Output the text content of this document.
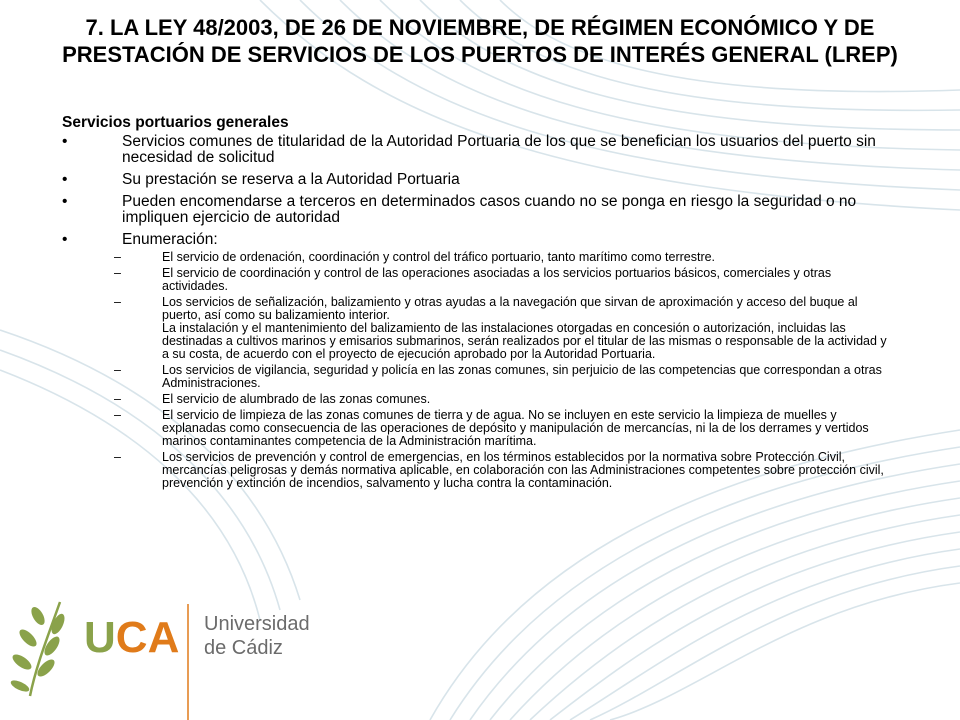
7. LA LEY 48/2003, DE 26 DE NOVIEMBRE, DE RÉGIMEN ECONÓMICO Y DE
PRESTACIÓN DE SERVICIOS DE LOS PUERTOS DE INTERÉS GENERAL (LREP)

Servicios portuarios generales

•	Servicios comunes de titularidad de la Autoridad Portuaria de los que se benefician los usuarios del puerto sin necesidad de solicitud
•	Su prestación se reserva a la Autoridad Portuaria
•	Pueden encomendarse a terceros en determinados casos cuando no se ponga en riesgo la seguridad o no impliquen ejercicio de autoridad
•	Enumeración:
–	El servicio de ordenación, coordinación y control del tráfico portuario, tanto marítimo como terrestre.
–	El servicio de coordinación y control de las operaciones asociadas a los servicios portuarios básicos, comerciales y otras actividades.
–	Los servicios de señalización, balizamiento y otras ayudas a la navegación que sirvan de aproximación y acceso del buque al puerto, así como su balizamiento interior.

La instalación y el mantenimiento del balizamiento de las instalaciones otorgadas en concesión o autorización, incluidas las destinadas a cultivos marinos y emisarios submarinos, serán realizados por el titular de las mismas o responsable de la actividad y a su costa, de acuerdo con el proyecto de ejecución aprobado por la Autoridad Portuaria.

–	Los servicios de vigilancia, seguridad y policía en las zonas comunes, sin perjuicio de las competencias que correspondan a otras Administraciones.
–	El servicio de alumbrado de las zonas comunes.
–	El servicio de limpieza de las zonas comunes de tierra y de agua. No se incluyen en este servicio la limpieza de muelles y explanadas como consecuencia de las operaciones de depósito y manipulación de mercancías, ni la de los derrames y vertidos marinos contaminantes competencia de la Administración marítima.
–	Los servicios de prevención y control de emergencias, en los términos establecidos por la normativa sobre Protección Civil, mercancías peligrosas y demás normativa aplicable, en colaboración con las Administraciones competentes sobre protección civil, prevención y extinción de incendios, salvamento y lucha contra la contaminación.
UCA Universidad
de Cádiz
